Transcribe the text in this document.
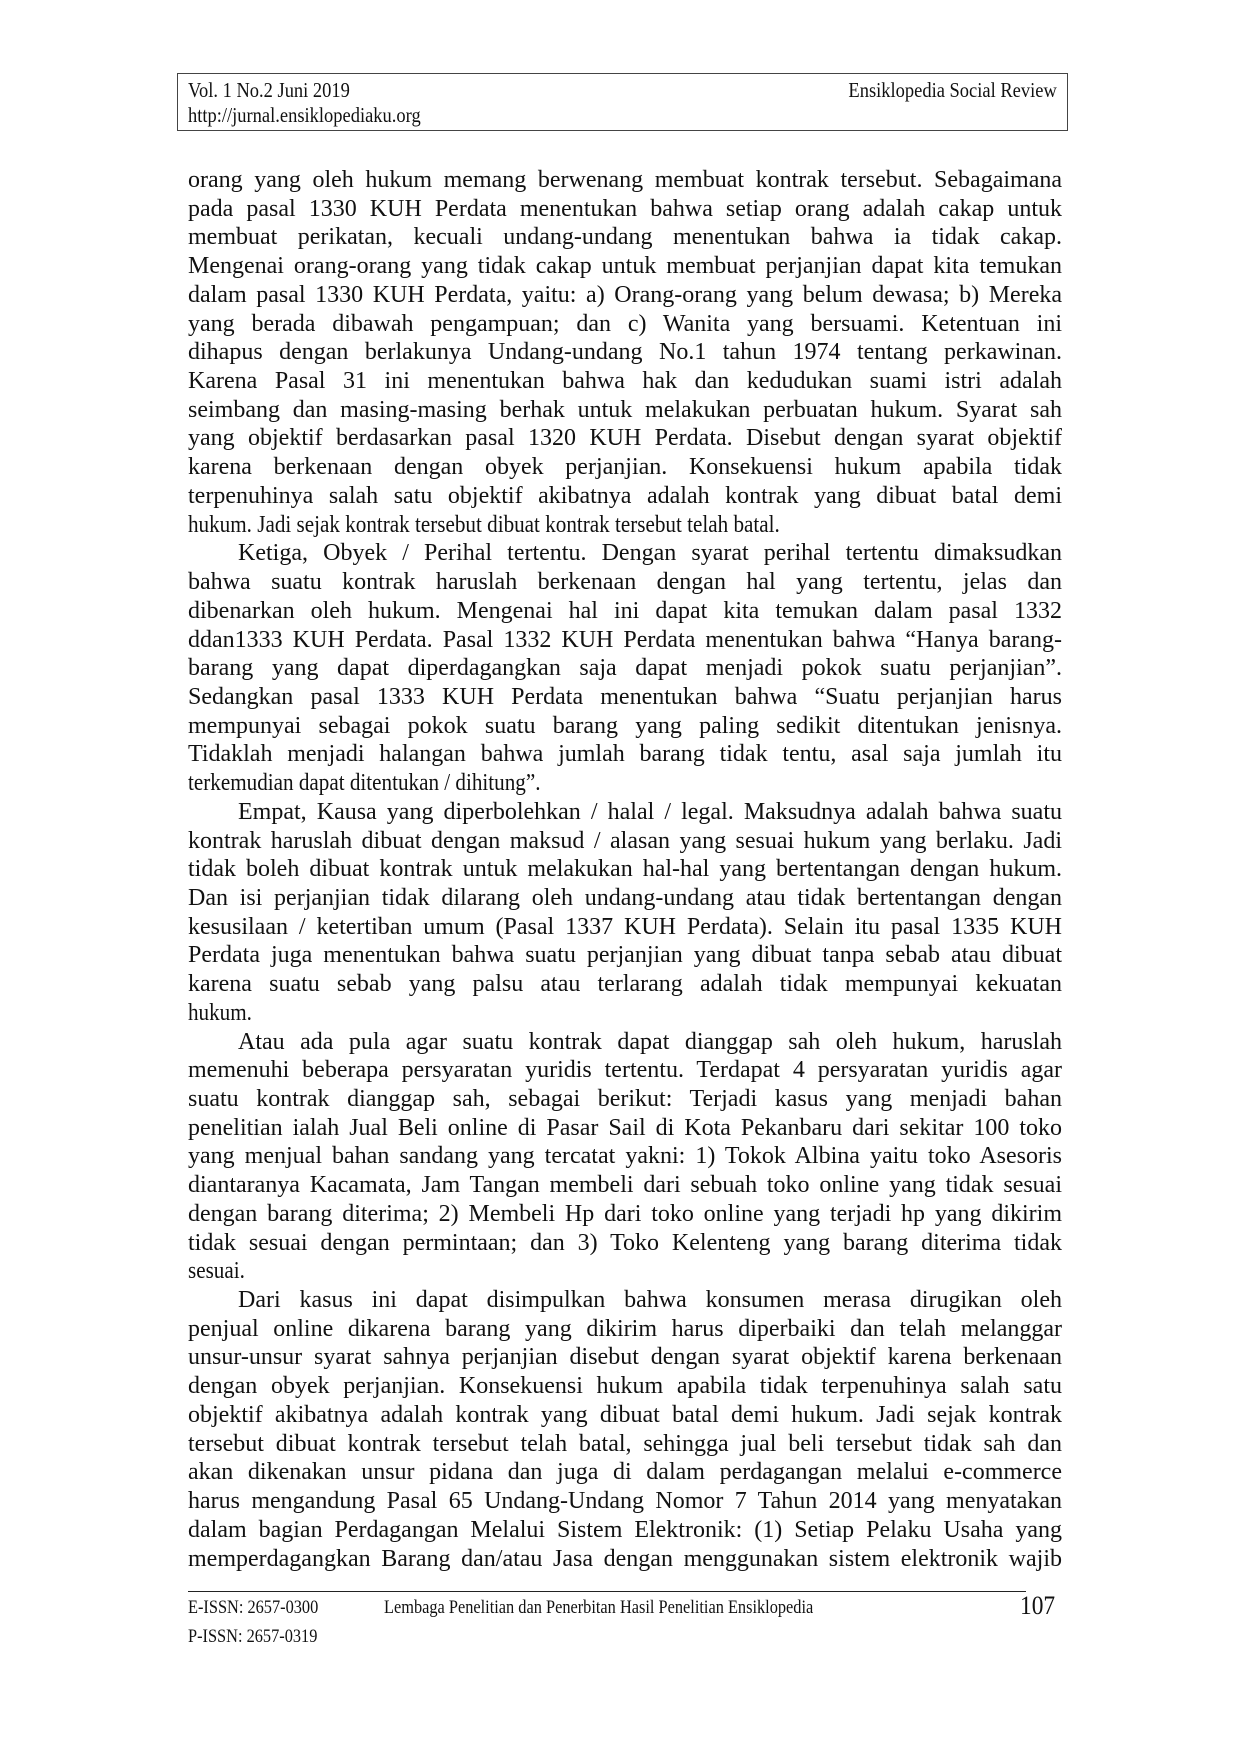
Vol. 1 No.2 Juni 2019
http://jurnal.ensiklopediaku.org
Ensiklopedia Social Review
orang yang oleh hukum memang berwenang membuat kontrak tersebut. Sebagaimana
pada pasal 1330 KUH Perdata menentukan bahwa setiap orang adalah cakap untuk
membuat perikatan, kecuali undang-undang menentukan bahwa ia tidak cakap.
Mengenai orang-orang yang tidak cakap untuk membuat perjanjian dapat kita temukan
dalam pasal 1330 KUH Perdata, yaitu: a) Orang-orang yang belum dewasa; b) Mereka
yang berada dibawah pengampuan; dan c) Wanita yang bersuami. Ketentuan ini
dihapus dengan berlakunya Undang-undang No.1 tahun 1974 tentang perkawinan.
Karena Pasal 31 ini menentukan bahwa hak dan kedudukan suami istri adalah
seimbang dan masing-masing berhak untuk melakukan perbuatan hukum. Syarat sah
yang objektif berdasarkan pasal 1320 KUH Perdata. Disebut dengan syarat objektif
karena berkenaan dengan obyek perjanjian. Konsekuensi hukum apabila tidak
terpenuhinya salah satu objektif akibatnya adalah kontrak yang dibuat batal demi
hukum. Jadi sejak kontrak tersebut dibuat kontrak tersebut telah batal.
Ketiga, Obyek / Perihal tertentu. Dengan syarat perihal tertentu dimaksudkan
bahwa suatu kontrak haruslah berkenaan dengan hal yang tertentu, jelas dan
dibenarkan oleh hukum. Mengenai hal ini dapat kita temukan dalam pasal 1332
ddan1333 KUH Perdata. Pasal 1332 KUH Perdata menentukan bahwa “Hanya barang-
barang yang dapat diperdagangkan saja dapat menjadi pokok suatu perjanjian”.
Sedangkan pasal 1333 KUH Perdata menentukan bahwa “Suatu perjanjian harus
mempunyai sebagai pokok suatu barang yang paling sedikit ditentukan jenisnya.
Tidaklah menjadi halangan bahwa jumlah barang tidak tentu, asal saja jumlah itu
terkemudian dapat ditentukan / dihitung”.
Empat, Kausa yang diperbolehkan / halal / legal. Maksudnya adalah bahwa suatu
kontrak haruslah dibuat dengan maksud / alasan yang sesuai hukum yang berlaku. Jadi
tidak boleh dibuat kontrak untuk melakukan hal-hal yang bertentangan dengan hukum.
Dan isi perjanjian tidak dilarang oleh undang-undang atau tidak bertentangan dengan
kesusilaan / ketertiban umum (Pasal 1337 KUH Perdata). Selain itu pasal 1335 KUH
Perdata juga menentukan bahwa suatu perjanjian yang dibuat tanpa sebab atau dibuat
karena suatu sebab yang palsu atau terlarang adalah tidak mempunyai kekuatan
hukum.
Atau ada pula agar suatu kontrak dapat dianggap sah oleh hukum, haruslah
memenuhi beberapa persyaratan yuridis tertentu. Terdapat 4 persyaratan yuridis agar
suatu kontrak dianggap sah, sebagai berikut: Terjadi kasus yang menjadi bahan
penelitian ialah Jual Beli online di Pasar Sail di Kota Pekanbaru dari sekitar 100 toko
yang menjual bahan sandang yang tercatat yakni: 1) Tokok Albina yaitu toko Asesoris
diantaranya Kacamata, Jam Tangan membeli dari sebuah toko online yang tidak sesuai
dengan barang diterima; 2) Membeli Hp dari toko online yang terjadi hp yang dikirim
tidak sesuai dengan permintaan; dan 3) Toko Kelenteng yang barang diterima tidak
sesuai.
Dari kasus ini dapat disimpulkan bahwa konsumen merasa dirugikan oleh
penjual online dikarena barang yang dikirim harus diperbaiki dan telah melanggar
unsur-unsur syarat sahnya perjanjian disebut dengan syarat objektif karena berkenaan
dengan obyek perjanjian. Konsekuensi hukum apabila tidak terpenuhinya salah satu
objektif akibatnya adalah kontrak yang dibuat batal demi hukum. Jadi sejak kontrak
tersebut dibuat kontrak tersebut telah batal, sehingga jual beli tersebut tidak sah dan
akan dikenakan unsur pidana dan juga di dalam perdagangan melalui e-commerce
harus mengandung Pasal 65 Undang-Undang Nomor 7 Tahun 2014 yang menyatakan
dalam bagian Perdagangan Melalui Sistem Elektronik: (1) Setiap Pelaku Usaha yang
memperdagangkan Barang dan/atau Jasa dengan menggunakan sistem elektronik wajib
E-ISSN: 2657-0300
P-ISSN: 2657-0319
Lembaga Penelitian dan Penerbitan Hasil Penelitian Ensiklopedia	107
